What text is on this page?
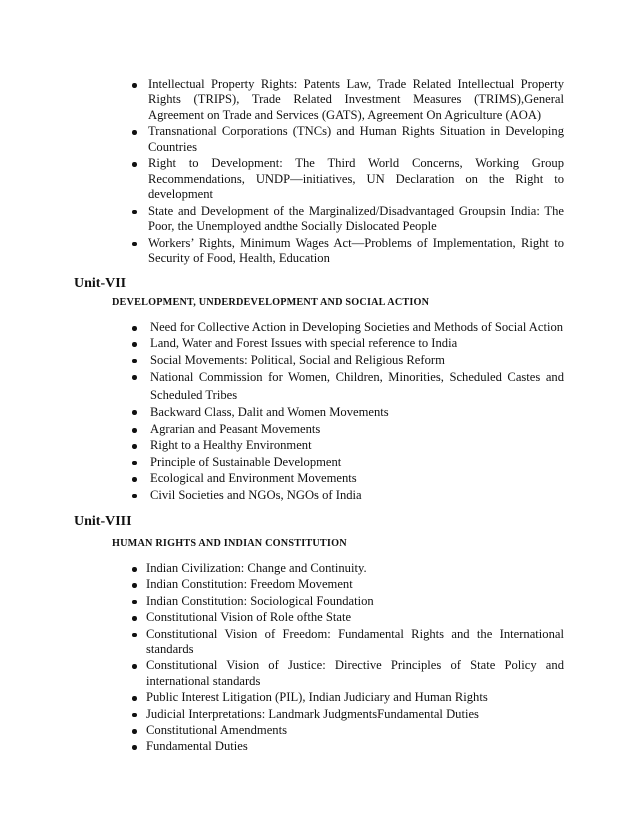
Intellectual Property Rights: Patents Law, Trade Related Intellectual Property Rights (TRIPS), Trade Related Investment Measures (TRIMS),General Agreement on Trade and Services (GATS), Agreement On Agriculture (AOA)
Transnational Corporations (TNCs) and Human Rights Situation in Developing Countries
Right to Development: The Third World Concerns, Working Group Recommendations, UNDP—initiatives, UN Declaration on the Right to development
State and Development of the Marginalized/Disadvantaged Groupsin India: The Poor, the Unemployed andthe Socially Dislocated People
Workers’ Rights, Minimum Wages Act—Problems of Implementation, Right to Security of Food, Health, Education
Unit-VII
DEVELOPMENT, UNDERDEVELOPMENT AND SOCIAL ACTION
Need for Collective Action in Developing Societies and Methods of Social Action
Land, Water and Forest Issues with special reference to India
Social Movements: Political, Social and Religious Reform
National Commission for Women, Children, Minorities, Scheduled Castes and Scheduled Tribes
Backward Class, Dalit and Women Movements
Agrarian and Peasant Movements
Right to a Healthy Environment
Principle of Sustainable Development
Ecological and Environment Movements
Civil Societies and NGOs, NGOs of India
Unit-VIII
HUMAN RIGHTS AND INDIAN CONSTITUTION
Indian Civilization: Change and Continuity.
Indian Constitution: Freedom Movement
Indian Constitution: Sociological Foundation
Constitutional Vision of Role ofthe State
Constitutional Vision of Freedom: Fundamental Rights and the International standards
Constitutional Vision of Justice: Directive Principles of State Policy and international standards
Public Interest Litigation (PIL), Indian Judiciary and Human Rights
Judicial Interpretations: Landmark JudgmentsFundamental Duties
Constitutional Amendments
Fundamental Duties
